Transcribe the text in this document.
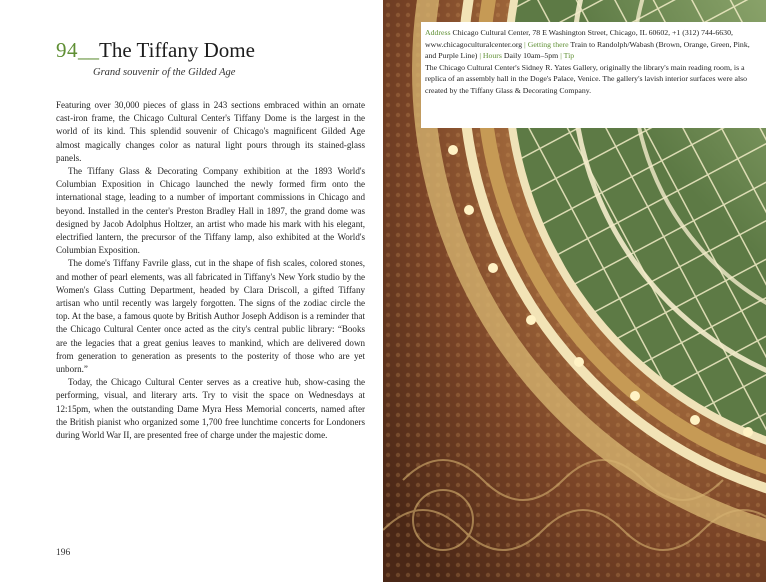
94__The Tiffany Dome
Grand souvenir of the Gilded Age

Featuring over 30,000 pieces of glass in 243 sections embraced within an ornate cast-iron frame, the Chicago Cultural Center's Tiffany Dome is the largest in the world of its kind. This splendid souvenir of Chicago's magnificent Gilded Age almost magically changes color as natural light pours through its stained-glass panels.

The Tiffany Glass & Decorating Company exhibition at the 1893 World's Columbian Exposition in Chicago launched the newly formed firm onto the international stage, leading to a number of important commissions in Chicago and beyond. Installed in the center's Preston Bradley Hall in 1897, the grand dome was designed by Jacob Adolphus Holtzer, an artist who made his mark with his elegant, electrified lantern, the precursor of the Tiffany lamp, also exhibited at the World's Columbian Exposition.

The dome's Tiffany Favrile glass, cut in the shape of fish scales, colored stones, and mother of pearl elements, was all fabricated in Tiffany's New York studio by the Women's Glass Cutting Department, headed by Clara Driscoll, a gifted Tiffany artisan who until recently was largely forgotten. The signs of the zodiac circle the top. At the base, a famous quote by British Author Joseph Addison is a reminder that the Chicago Cultural Center once acted as the city's central public library: “Books are the legacies that a great genius leaves to mankind, which are delivered down from generation to generation as presents to the posterity of those who are yet unborn.”

Today, the Chicago Cultural Center serves as a creative hub, show-casing the performing, visual, and literary arts. Try to visit the space on Wednesdays at 12:15pm, when the outstanding Dame Myra Hess Memorial concerts, named after the British pianist who organized some 1,700 free lunchtime concerts for Londoners during World War II, are presented free of charge under the majestic dome.

196
Address Chicago Cultural Center, 78 E Washington Street, Chicago, IL 60602, +1 (312) 744-6630, www.chicagoculturalcenter.org | Getting there Train to Randolph/Wabash (Brown, Orange, Green, Pink, and Purple Line) | Hours Daily 10am–5pm | Tip
The Chicago Cultural Center's Sidney R. Yates Gallery, originally the library's main reading room, is a replica of an assembly hall in the Doge's Palace, Venice. The gallery's lavish interior surfaces were also created by the Tiffany Glass & Decorating Company.
